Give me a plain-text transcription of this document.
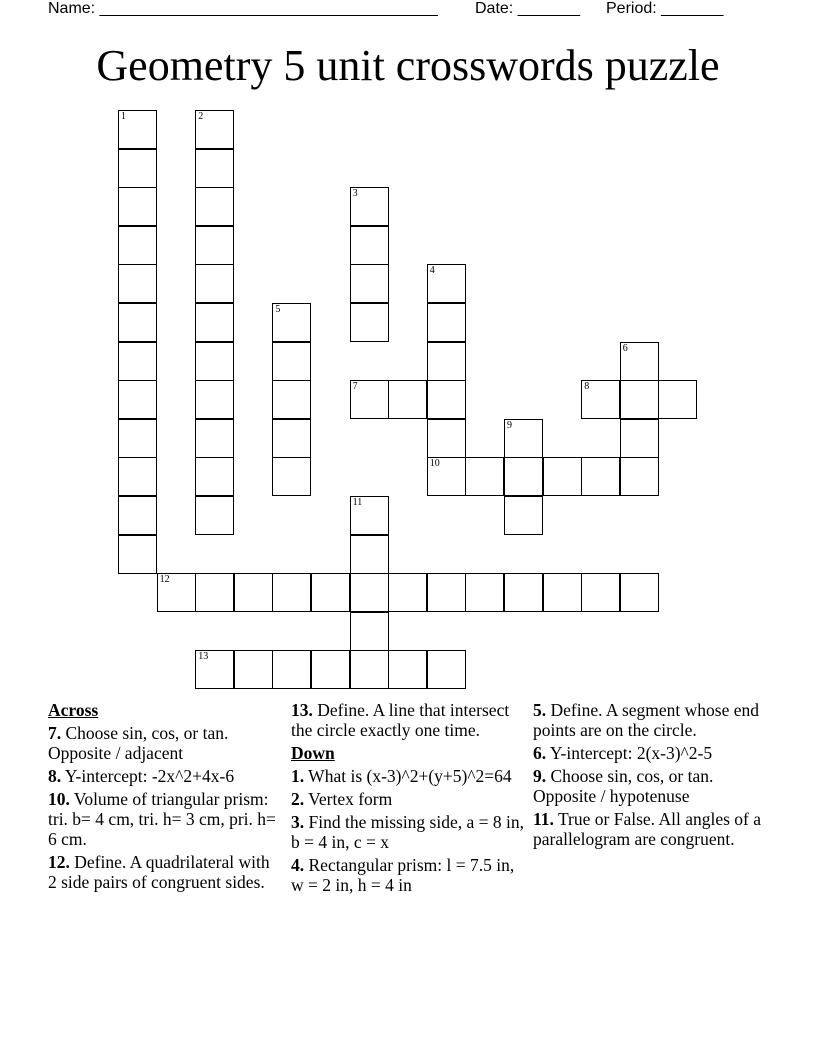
Name: ______________________________________ Date: _______ Period: _______
Geometry 5 unit crosswords puzzle
1	2
3
4
10
5
6
7	8
9
11
12
13
Across
7. Choose sin, cos, or tan. Opposite / adjacent
8. Y-intercept: -2x^2+4x-6
10. Volume of triangular prism: tri. b= 4 cm, tri. h= 3 cm, pri. h= 6 cm.
12. Define. A quadrilateral with 2 side pairs of congruent sides.
13. Define. A line that intersect the circle exactly one time.
Down
1. What is (x-3)^2+(y+5)^2=64
2. Vertex form
3. Find the missing side, a = 8 in, b = 4 in, c = x
4. Rectangular prism: l = 7.5 in, w = 2 in, h = 4 in
5. Define. A segment whose end points are on the circle.
6. Y-intercept: 2(x-3)^2-5
9. Choose sin, cos, or tan. Opposite / hypotenuse
11. True or False. All angles of a parallelogram are congruent.
